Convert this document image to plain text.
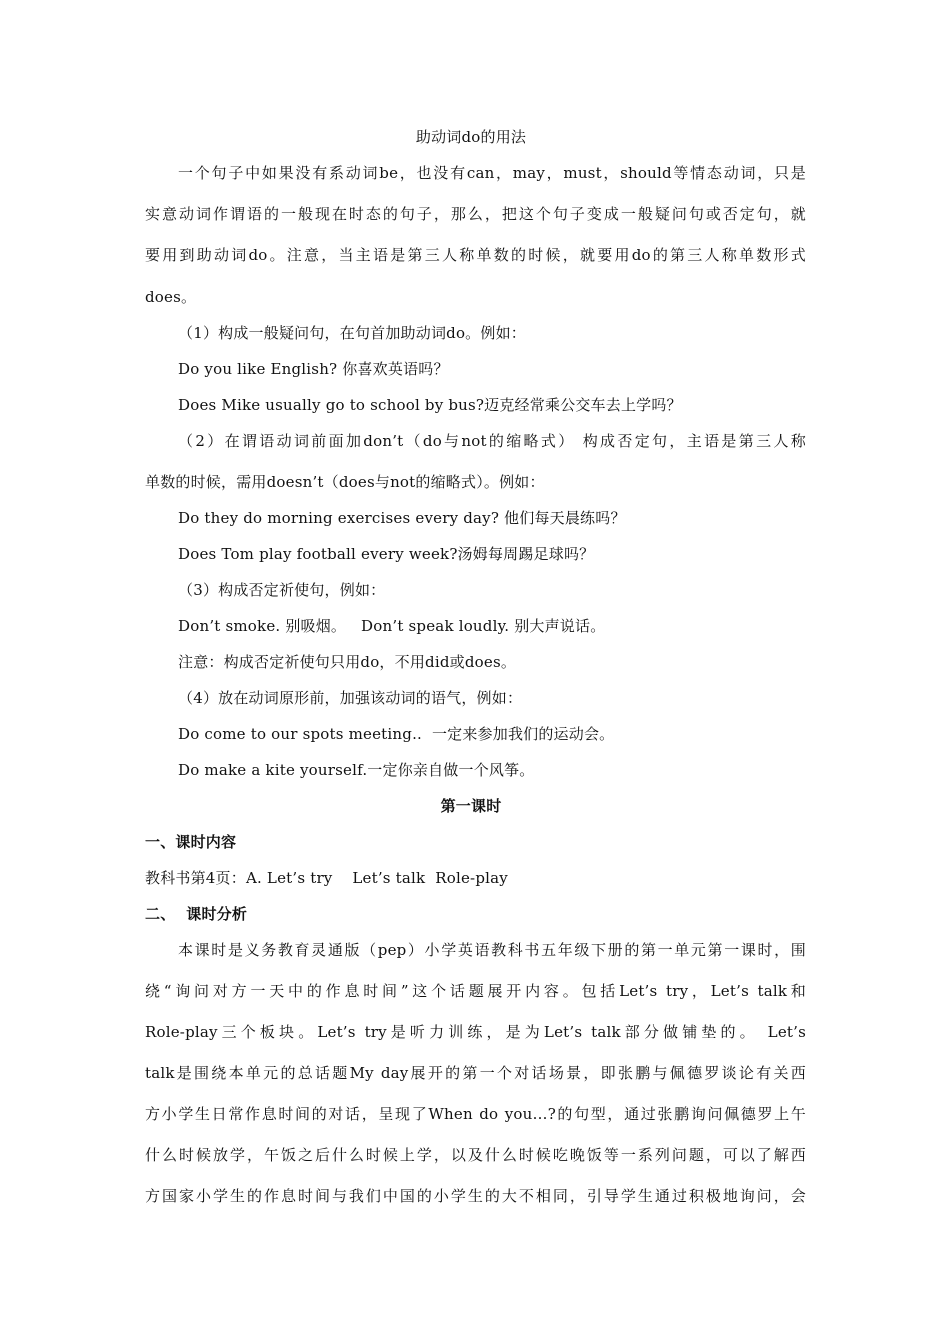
助动词do的用法
一个句子中如果没有系动词be，也没有can，may，must，should等情态动词，只是
实意动词作谓语的一般现在时态的句子，那么，把这个句子变成一般疑问句或否定句，就
要用到助动词do。注意，当主语是第三人称单数的时候，就要用do的第三人称单数形式
does。
（1）构成一般疑问句，在句首加助动词do。例如：
Do you like English? 你喜欢英语吗？
Does Mike usually go to school by bus?迈克经常乘公交车去上学吗？
（2）在谓语动词前面加don’t（do与not的缩略式） 构成否定句，主语是第三人称
单数的时候，需用doesn’t（does与not的缩略式）。例如：
Do they do morning exercises every day? 他们每天晨练吗？
Does Tom play football every week?汤姆每周踢足球吗？
（3）构成否定祈使句，例如：
Don’t smoke. 别吸烟。   Don’t speak loudly. 别大声说话。
注意：构成否定祈使句只用do，不用did或does。
（4）放在动词原形前，加强该动词的语气，例如：
Do come to our spots meeting..  一定来参加我们的运动会。
Do make a kite yourself.一定你亲自做一个风筝。
第一课时
一、课时内容
教科书第4页：A. Let’s try    Let’s talk  Role-play
二、  课时分析
本课时是义务教育灵通版（pep）小学英语教科书五年级下册的第一单元第一课时，围
绕“询问对方一天中的作息时间”这个话题展开内容。包括Let’s try，Let’s talk和
Role-play三个板块。Let’s try是听力训练，是为Let’s talk部分做铺垫的。 Let’s
talk是围绕本单元的总话题My day展开的第一个对话场景，即张鹏与佩德罗谈论有关西
方小学生日常作息时间的对话，呈现了When do you…?的句型，通过张鹏询问佩德罗上午
什么时候放学，午饭之后什么时候上学，以及什么时候吃晚饭等一系列问题，可以了解西
方国家小学生的作息时间与我们中国的小学生的大不相同，引导学生通过积极地询问，会
